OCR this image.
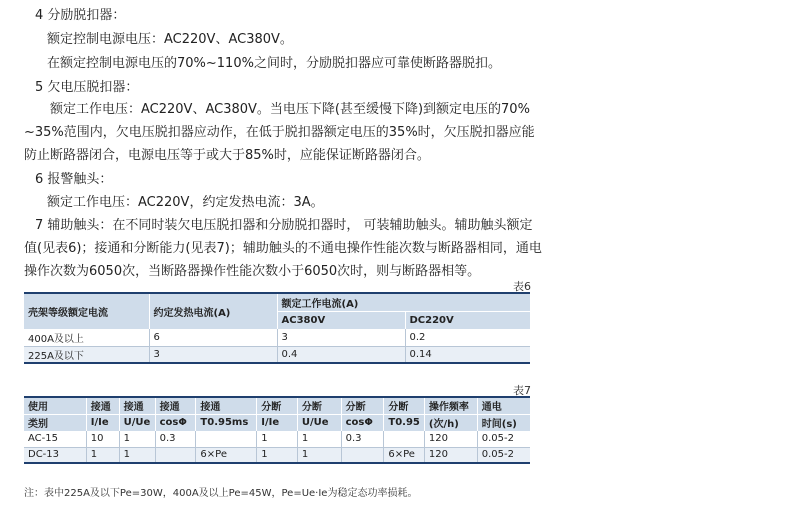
4 分励脱扣器：
额定控制电源电压：AC220V、AC380V。
在额定控制电源电压的70%~110%之间时，分励脱扣器应可靠使断路器脱扣。
5 欠电压脱扣器：
额定工作电压：AC220V、AC380V。当电压下降(甚至缓慢下降)到额定电压的70%
~35%范围内，欠电压脱扣器应动作，在低于脱扣器额定电压的35%时，欠压脱扣器应能
防止断路器闭合，电源电压等于或大于85%时，应能保证断路器闭合。
6 报警触头：
额定工作电压：AC220V，约定发热电流：3A。
7 辅助触头：在不同时装欠电压脱扣器和分励脱扣器时， 可装辅助触头。辅助触头额定
值(见表6)；接通和分断能力(见表7)；辅助触头的不通电操作性能次数与断路器相同，通电
操作次数为6050次，当断路器操作性能次数小于6050次时，则与断路器相等。
表6
壳架等级额定电流	约定发热电流(A)	额定工作电流(A)	
		AC380V	DC220V
400A及以上	6	3	0.2
225A及以下	3	0.4	0.14
表7
使用	接通	接通	接通	接通	分断	分断	分断	分断	操作频率	通电
类别	I/Ie	U/Ue	cosΦ	T0.95ms	I/Ie	U/Ue	cosΦ	T0.95	(次/h)	时间(s)
AC-15	10	1	0.3		1	1	0.3		120	0.05-2
DC-13	1	1		6×Pe	1	1		6×Pe	120	0.05-2
注：表中225A及以下Pe=30W，400A及以上Pe=45W，Pe=Ue·Ie为稳定态功率损耗。
